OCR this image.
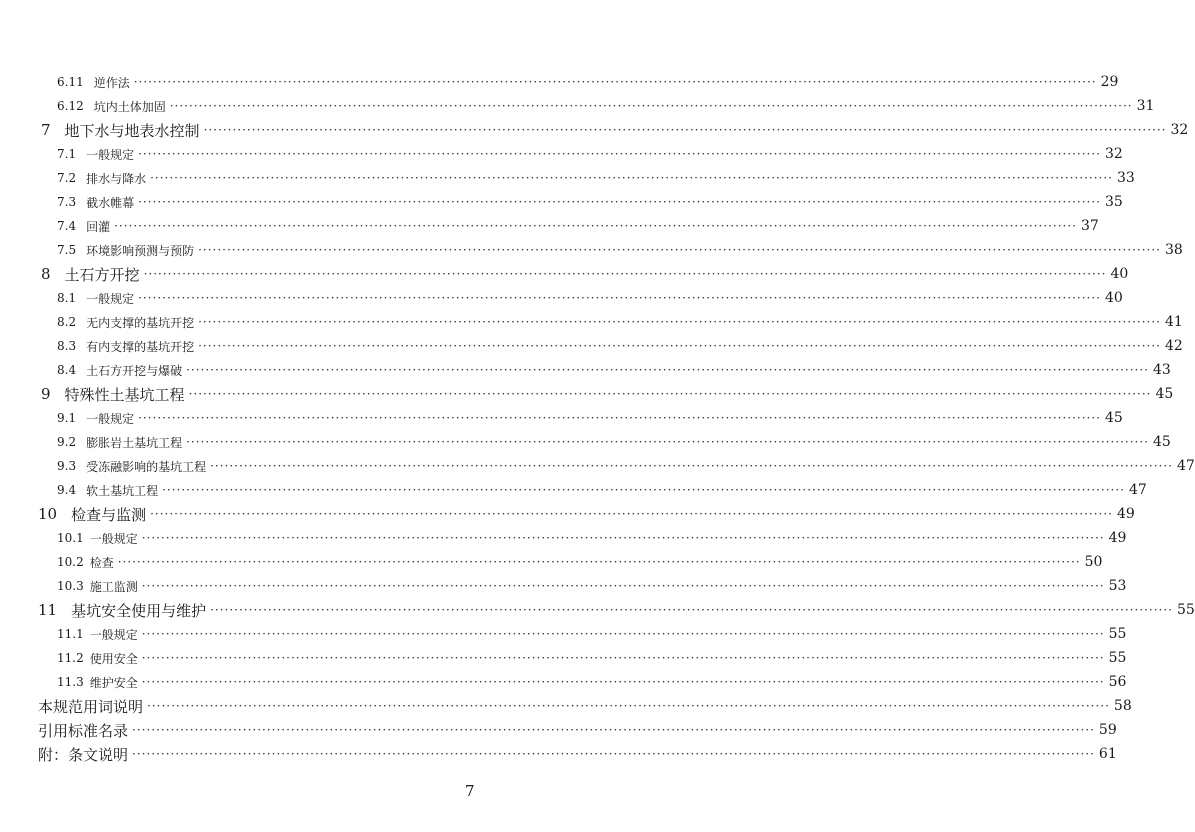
6.11 逆作法 ········································································································································································································ 29
6.12 坑内土体加固 ········································································································································································································ 31
7 地下水与地表水控制 ········································································································································································································ 32
7.1 一般规定 ········································································································································································································ 32
7.2 排水与降水 ········································································································································································································ 33
7.3 截水帷幕 ········································································································································································································ 35
7.4 回灌 ········································································································································································································ 37
7.5 环境影响预测与预防 ········································································································································································································ 38
8 土石方开挖 ········································································································································································································ 40
8.1 一般规定 ········································································································································································································ 40
8.2 无内支撑的基坑开挖 ········································································································································································································ 41
8.3 有内支撑的基坑开挖 ········································································································································································································ 42
8.4 土石方开挖与爆破 ········································································································································································································ 43
9 特殊性土基坑工程 ········································································································································································································ 45
9.1 一般规定 ········································································································································································································ 45
9.2 膨胀岩土基坑工程 ········································································································································································································ 45
9.3 受冻融影响的基坑工程 ········································································································································································································ 47
9.4 软土基坑工程 ········································································································································································································ 47
10 检查与监测 ········································································································································································································ 49
10.1 一般规定 ········································································································································································································ 49
10.2 检查 ········································································································································································································ 50
10.3 施工监测 ········································································································································································································ 53
11 基坑安全使用与维护 ········································································································································································································ 55
11.1 一般规定 ········································································································································································································ 55
11.2 使用安全 ········································································································································································································ 55
11.3 维护安全 ········································································································································································································ 56
本规范用词说明 ········································································································································································································ 58
引用标准名录 ········································································································································································································ 59
附：条文说明 ········································································································································································································ 61
7
